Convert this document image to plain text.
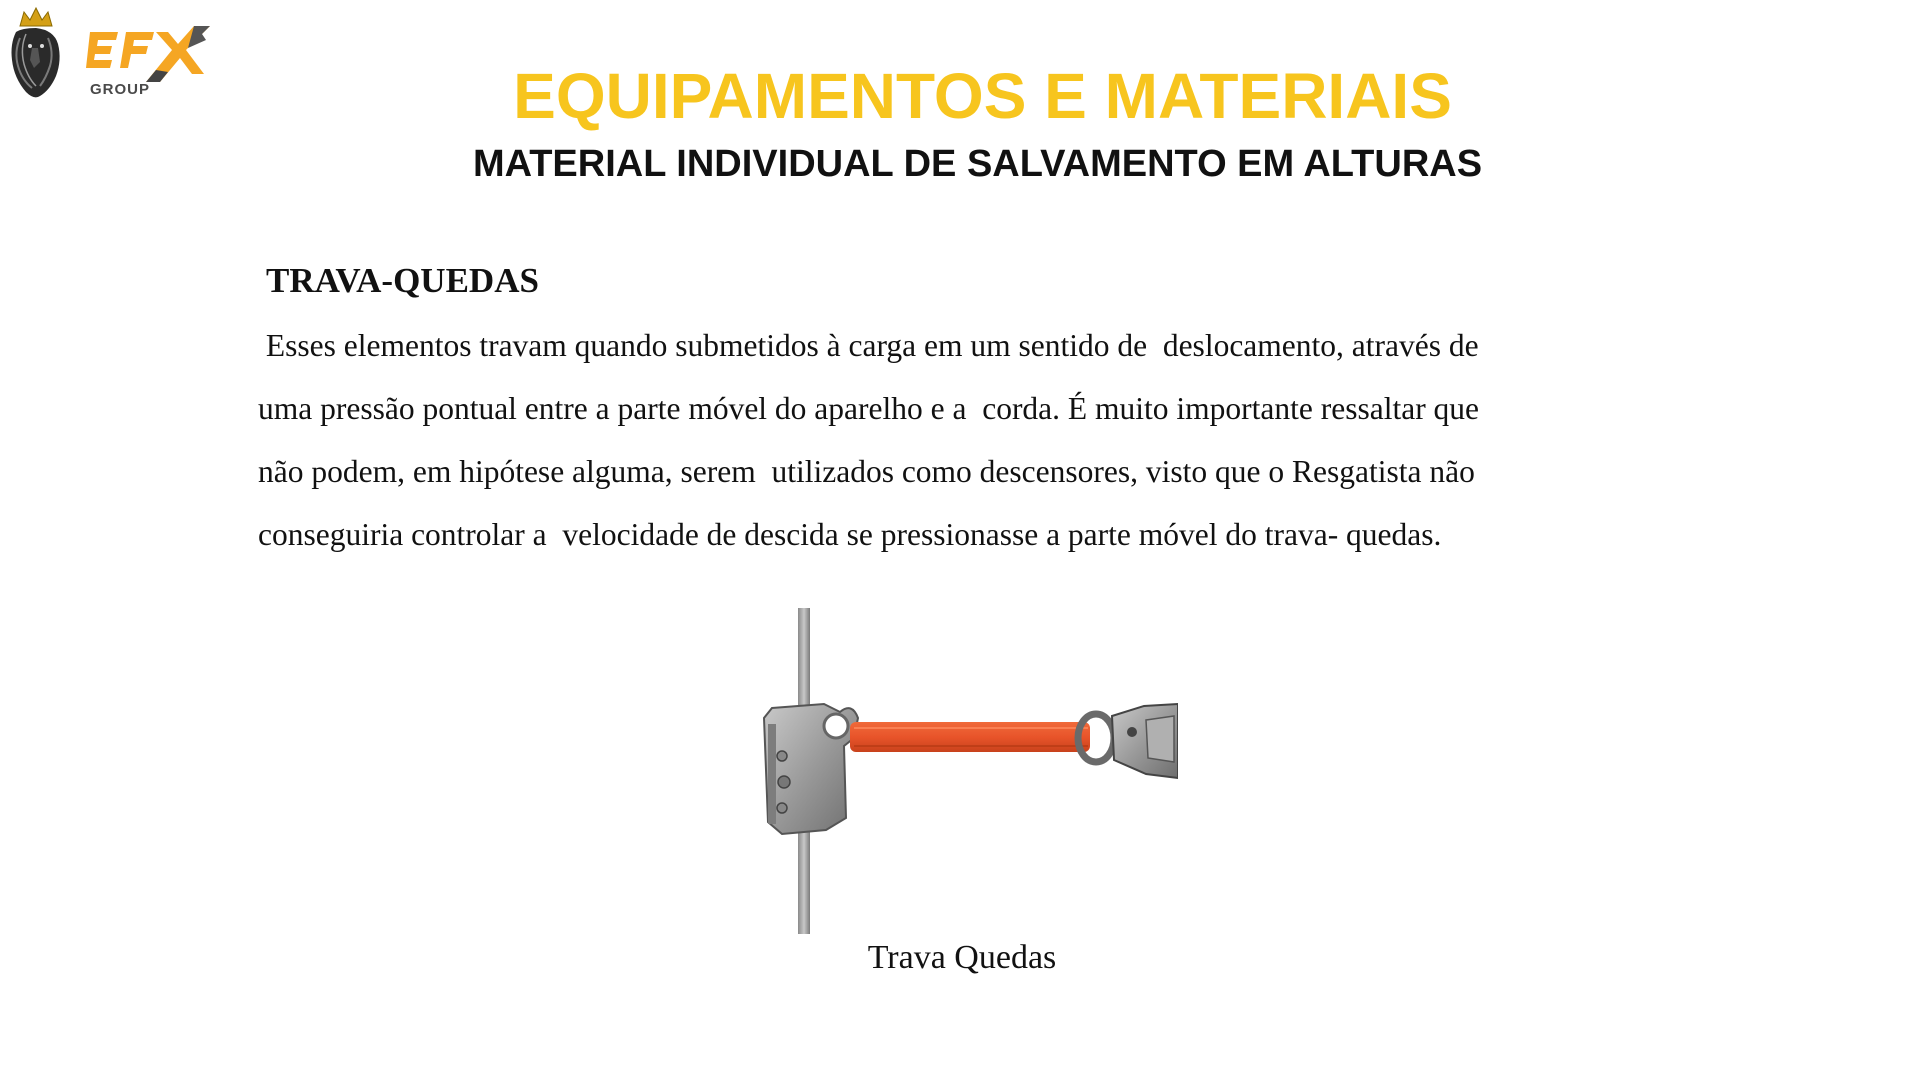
GROUP	EQUIPAMENTOS E MATERIAIS
MATERIAL INDIVIDUAL DE SALVAMENTO EM ALTURAS
TRAVA-QUEDAS
Esses elementos travam quando submetidos à carga em um sentido de  deslocamento, através de
uma pressão pontual entre a parte móvel do aparelho e a  corda. É muito importante ressaltar que
não podem, em hipótese alguma, serem  utilizados como descensores, visto que o Resgatista não
conseguiria controlar a  velocidade de descida se pressionasse a parte móvel do trava- quedas.

Trava Quedas
